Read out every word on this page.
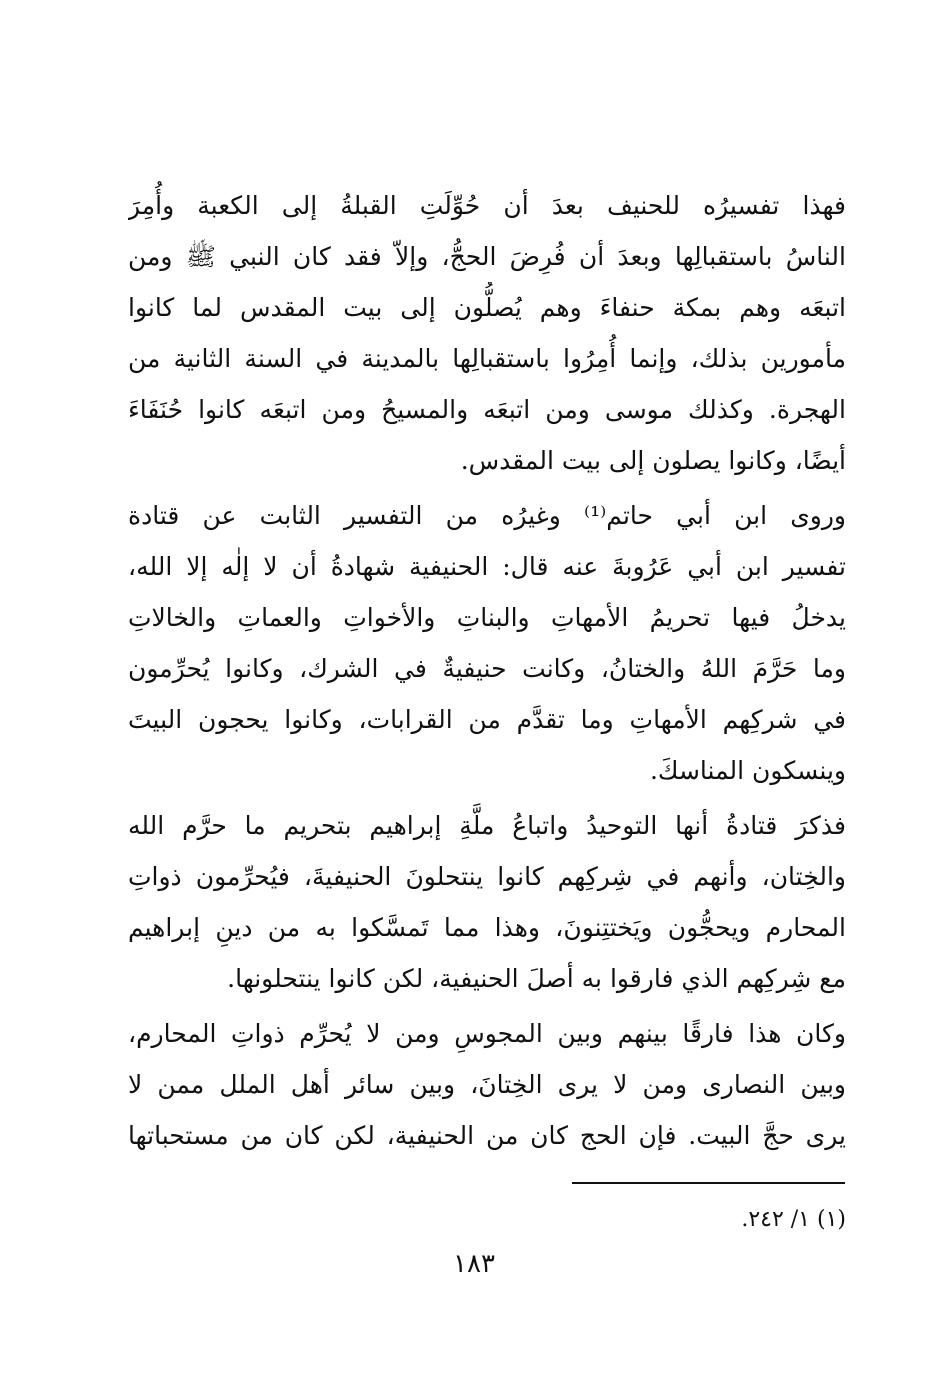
فهذا تفسيرُه للحنيف بعدَ أن حُوِّلَتِ القبلةُ إلى الكعبة وأُمِرَ
الناسُ باستقبالِها وبعدَ أن فُرِضَ الحجُّ، وإلاّ فقد كان النبي ﷺ ومن
اتبعَه وهم بمكة حنفاءَ وهم يُصلُّون إلى بيت المقدس لما كانوا
مأمورين بذلك، وإنما أُمِرُوا باستقبالِها بالمدينة في السنة الثانية من
الهجرة. وكذلك موسى ومن اتبعَه والمسيحُ ومن اتبعَه كانوا حُنَفَاءَ
أيضًا، وكانوا يصلون إلى بيت المقدس.
وروى ابن أبي حاتم⁽¹⁾ وغيرُه من التفسير الثابت عن قتادة
تفسير ابن أبي عَرُوبةَ عنه قال: الحنيفية شهادةُ أن لا إلٰه إلا الله،
يدخلُ فيها تحريمُ الأمهاتِ والبناتِ والأخواتِ والعماتِ والخالاتِ
وما حَرَّمَ اللهُ والختانُ، وكانت حنيفيةٌ في الشرك، وكانوا يُحرِّمون
في شركِهم الأمهاتِ وما تقدَّم من القرابات، وكانوا يحجون البيتَ
وينسكون المناسكَ.
فذكرَ قتادةُ أنها التوحيدُ واتباعُ ملَّةِ إبراهيم بتحريم ما حرَّم الله
والخِتان، وأنهم في شِركِهم كانوا ينتحلونَ الحنيفيةَ، فيُحرِّمون ذواتِ
المحارم ويحجُّون ويَختتِنونَ، وهذا مما تَمسَّكوا به من دينِ إبراهيم
مع شِركِهم الذي فارقوا به أصلَ الحنيفية، لكن كانوا ينتحلونها.
وكان هذا فارقًا بينهم وبين المجوسِ ومن لا يُحرِّم ذواتِ المحارم،
وبين النصارى ومن لا يرى الخِتانَ، وبين سائر أهل الملل ممن لا
يرى حجَّ البيت. فإن الحج كان من الحنيفية، لكن كان من مستحباتها
(١) ١/ ٢٤٢.
١٨٣
